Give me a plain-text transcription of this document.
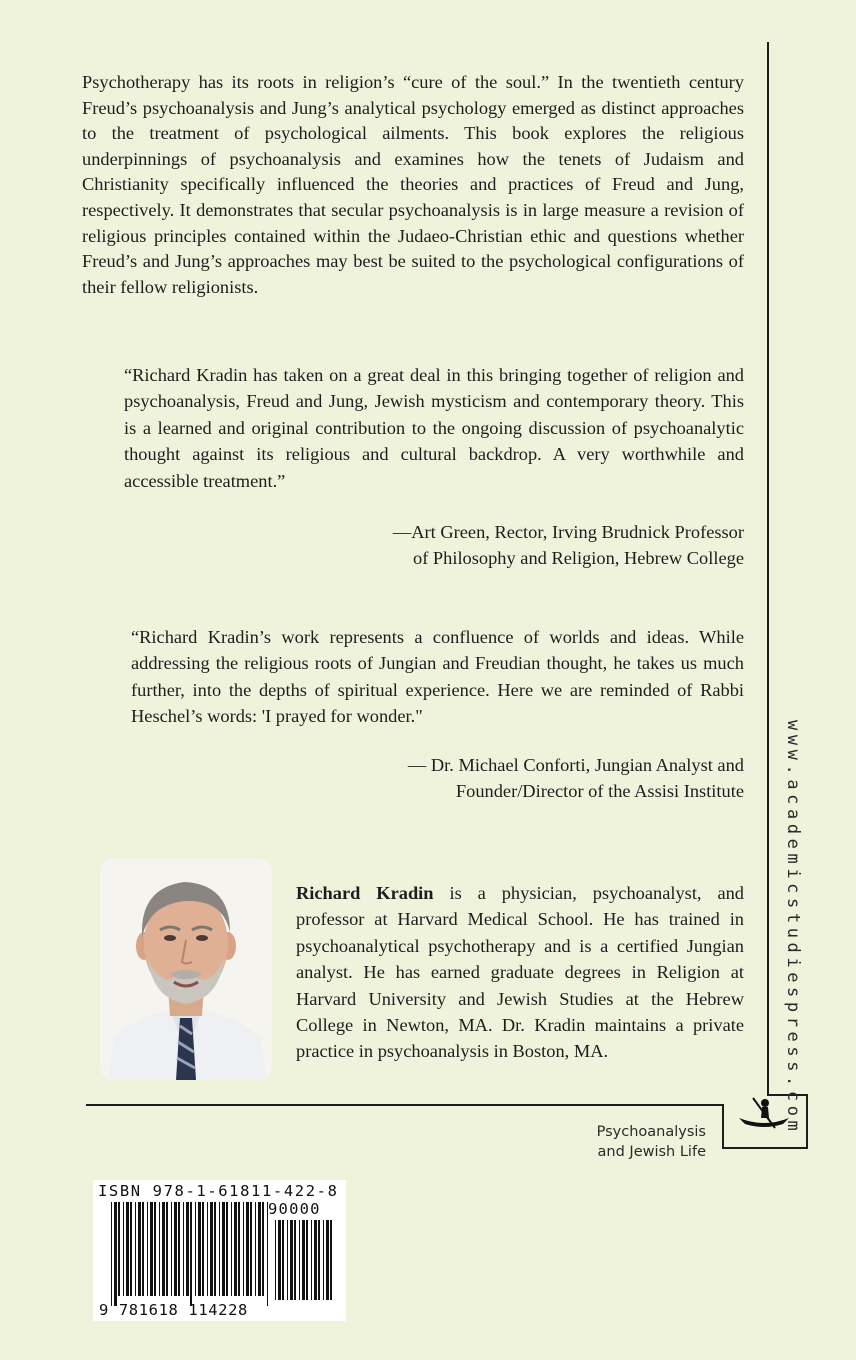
Psychotherapy has its roots in religion’s “cure of the soul.” In the twentieth century Freud’s psychoanalysis and Jung’s analytical psychology emerged as distinct approaches to the treatment of psychological ailments. This book explores the religious underpinnings of psychoanalysis and examines how the tenets of Judaism and Christianity specifically influenced the theories and practices of Freud and Jung, respectively. It demonstrates that secular psychoanalysis is in large measure a revision of religious principles contained within the Judaeo-Christian ethic and questions whether Freud’s and Jung’s approaches may best be suited to the psychological configurations of their fellow religionists.

“Richard Kradin has taken on a great deal in this bringing together of religion and psychoanalysis, Freud and Jung, Jewish mysticism and contemporary theory. This is a learned and original contribution to the ongoing discussion of psychoanalytic thought against its religious and cultural backdrop. A very worthwhile and accessible treatment.”

—Art Green, Rector, Irving Brudnick Professor
of Philosophy and Religion, Hebrew College

“Richard Kradin’s work represents a confluence of worlds and ideas. While addressing the religious roots of Jungian and Freudian thought, he takes us much further, into the depths of spiritual experience. Here we are reminded of Rabbi Heschel’s words: 'I prayed for wonder."

— Dr. Michael Conforti, Jungian Analyst and
Founder/Director of the Assisi Institute

Richard Kradin is a physician, psychoanalyst, and professor at Harvard Medical School. He has trained in psychoanalytical psychotherapy and is a certified Jungian analyst. He has earned graduate degrees in Religion at Harvard University and Jewish Studies at the Hebrew College in Newton, MA. Dr. Kradin maintains a private practice in psychoanalysis in Boston, MA.	www.academicstudiespress.com
Psychoanalysis
and Jewish Life
ISBN 978-1-61811-422-8
90000
9 781618 114228
